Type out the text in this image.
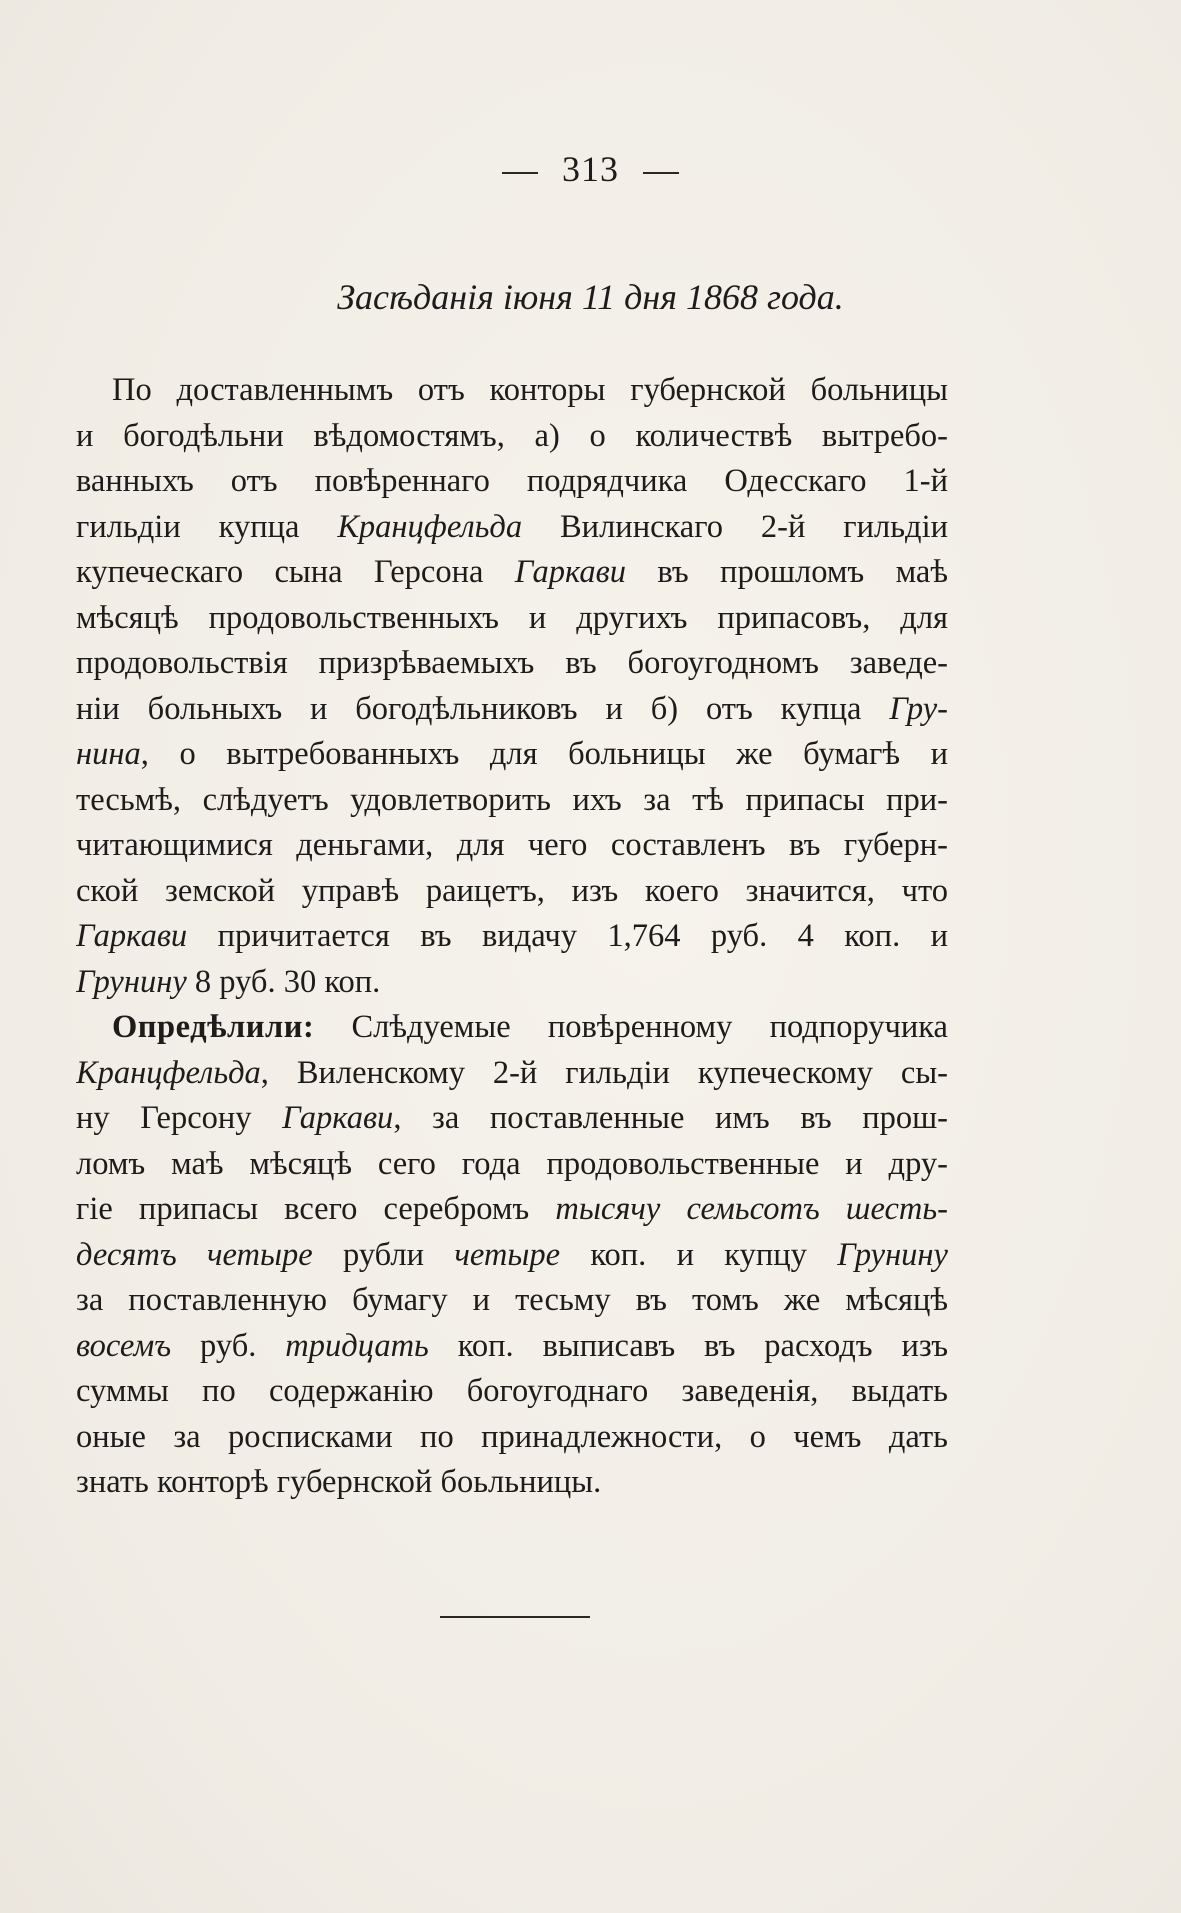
313
Засѣданія іюня 11 дня 1868 года.
По доставленнымъ отъ конторы губернской больницы
и богодѣльни вѣдомостямъ, а) о количествѣ вытребо-
ванныхъ отъ повѣреннаго подрядчика Одесскаго 1-й
гильдіи купца Кранцфельда Вилинскаго 2-й гильдіи
купеческаго сына Герсона Гаркави въ прошломъ маѣ
мѣсяцѣ продовольственныхъ и другихъ припасовъ, для
продовольствія призрѣваемыхъ въ богоугодномъ заведе-
ніи больныхъ и богодѣльниковъ и б) отъ купца Гру-
нина, о вытребованныхъ для больницы же бумагѣ и
тесьмѣ, слѣдуетъ удовлетворить ихъ за тѣ припасы при-
читающимися деньгами, для чего составленъ въ губерн-
ской земской управѣ раицетъ, изъ коего значится, что
Гаркави причитается въ видачу 1,764 руб. 4 коп. и
Грунину 8 руб. 30 коп.
Опредѣлили: Слѣдуемые повѣренному подпоручика
Кранцфельда, Виленскому 2-й гильдіи купеческому сы-
ну Герсону Гаркави, за поставленные имъ въ прош-
ломъ маѣ мѣсяцѣ сего года продовольственные и дру-
гіе припасы всего серебромъ тысячу семьсотъ шесть-
десятъ четыре рубли четыре коп. и купцу Грунину
за поставленную бумагу и тесьму въ томъ же мѣсяцѣ
восемъ руб. тридцать коп. выписавъ въ расходъ изъ
суммы по содержанію богоугоднаго заведенія, выдать
оные за росписками по принадлежности, о чемъ дать
знать конторѣ губернской боьльницы.
